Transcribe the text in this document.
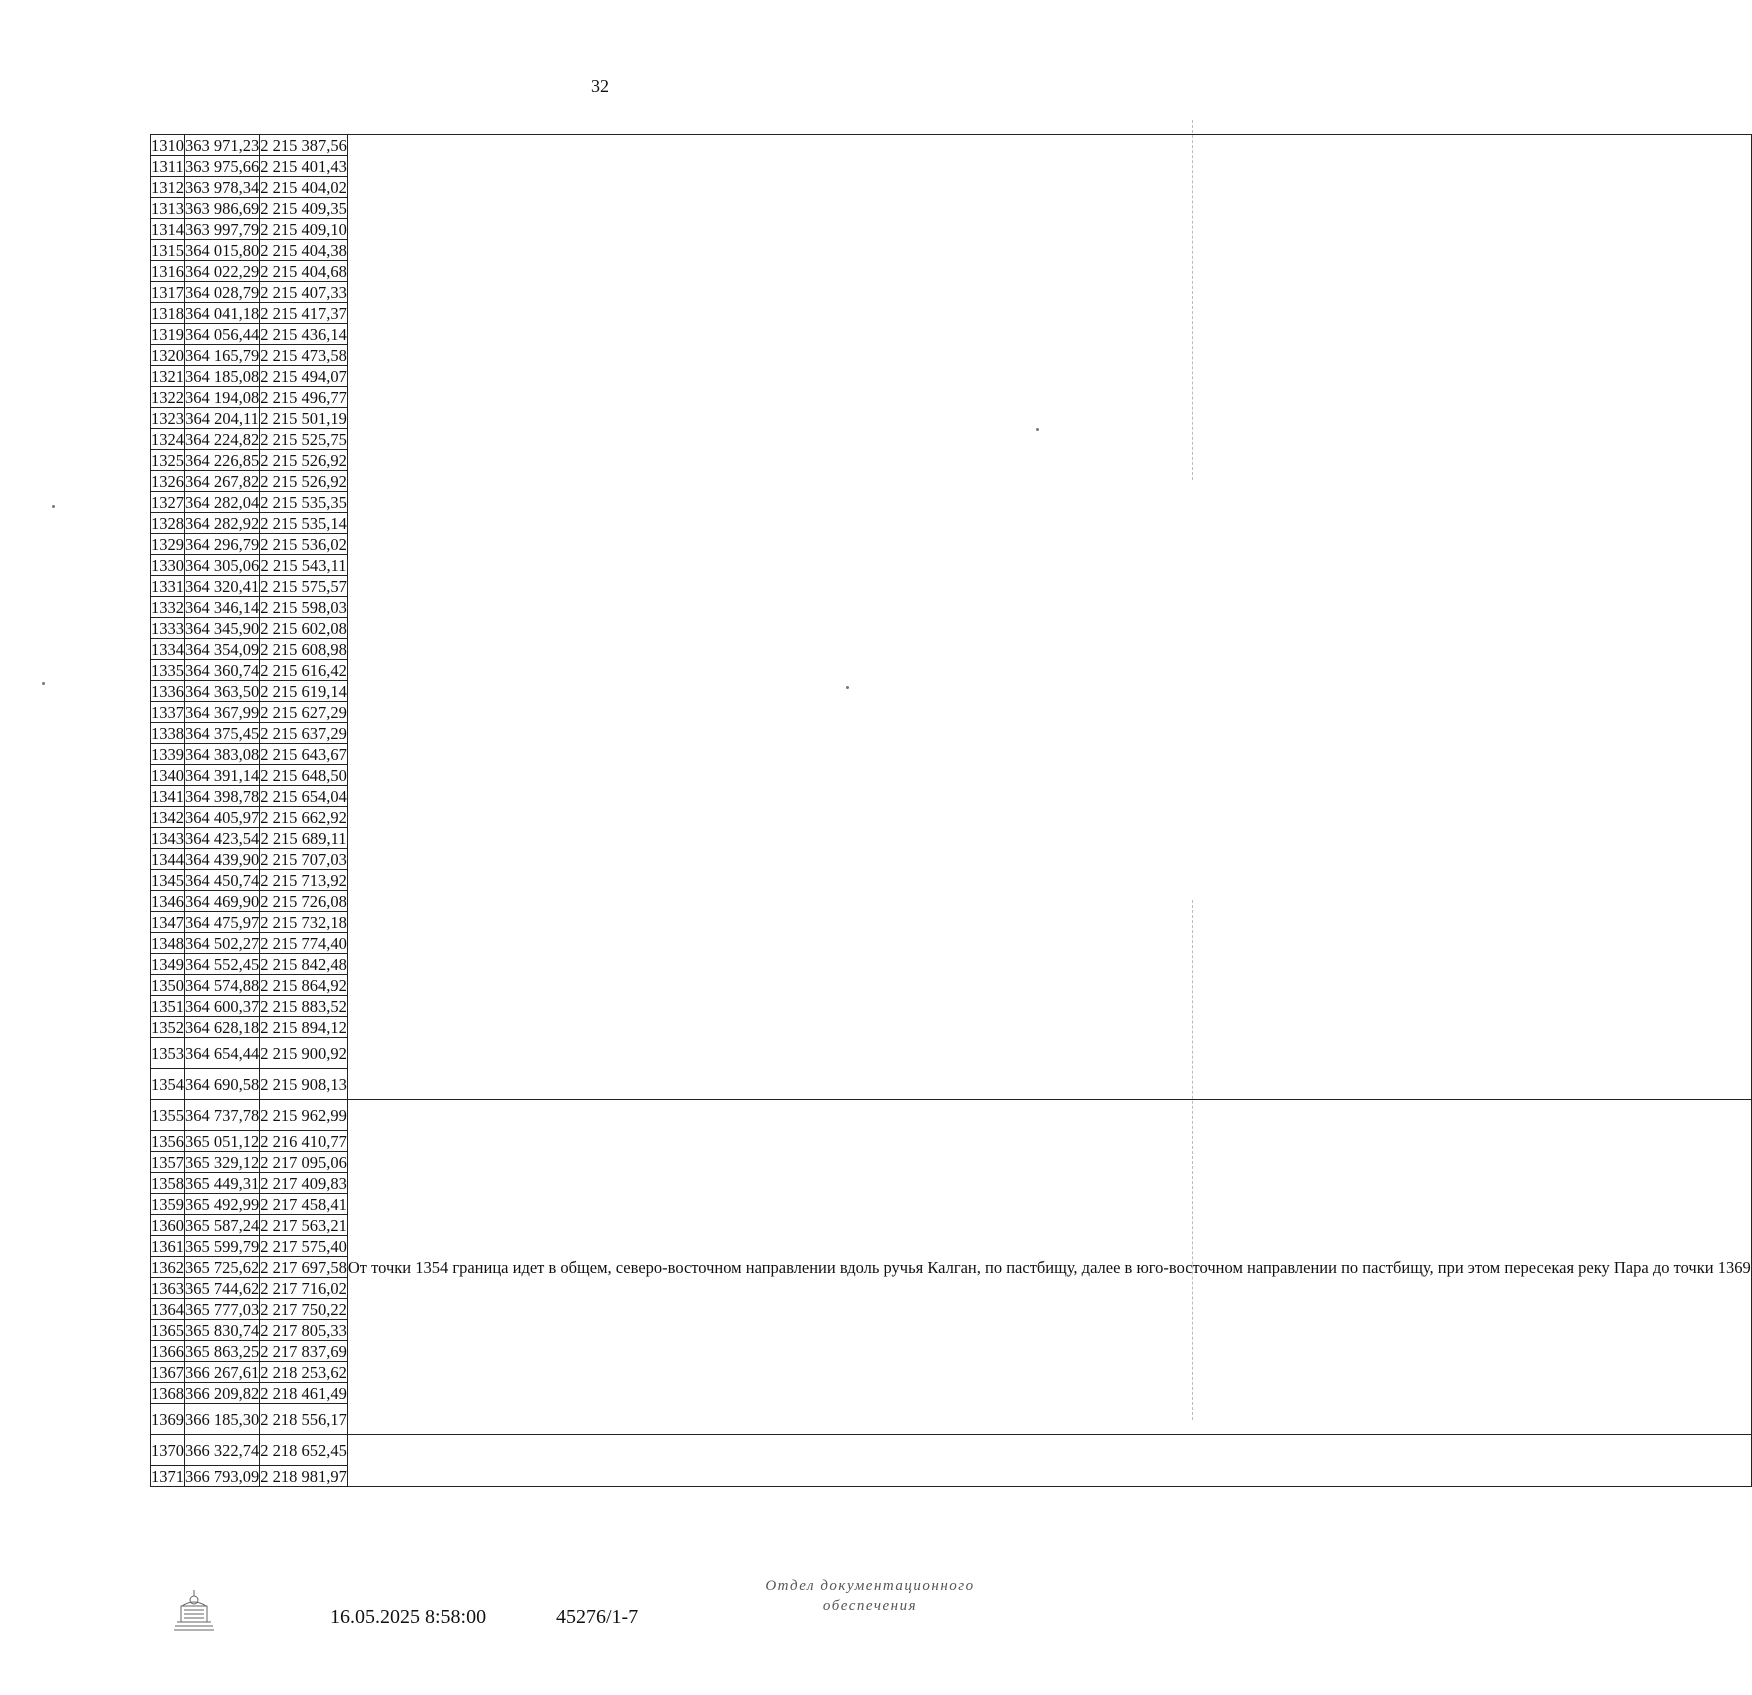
32
1310	363 971,23	2 215 387,56	
1311	363 975,66	2 215 401,43	
1312	363 978,34	2 215 404,02	
1313	363 986,69	2 215 409,35	
1314	363 997,79	2 215 409,10	
1315	364 015,80	2 215 404,38	
1316	364 022,29	2 215 404,68	
1317	364 028,79	2 215 407,33	
1318	364 041,18	2 215 417,37	
1319	364 056,44	2 215 436,14	
1320	364 165,79	2 215 473,58	
1321	364 185,08	2 215 494,07	
1322	364 194,08	2 215 496,77	
1323	364 204,11	2 215 501,19	
1324	364 224,82	2 215 525,75	
1325	364 226,85	2 215 526,92	
1326	364 267,82	2 215 526,92	
1327	364 282,04	2 215 535,35	
1328	364 282,92	2 215 535,14	
1329	364 296,79	2 215 536,02	
1330	364 305,06	2 215 543,11	
1331	364 320,41	2 215 575,57	
1332	364 346,14	2 215 598,03	
1333	364 345,90	2 215 602,08	
1334	364 354,09	2 215 608,98	
1335	364 360,74	2 215 616,42	
1336	364 363,50	2 215 619,14	
1337	364 367,99	2 215 627,29	
1338	364 375,45	2 215 637,29	
1339	364 383,08	2 215 643,67	
1340	364 391,14	2 215 648,50	
1341	364 398,78	2 215 654,04	
1342	364 405,97	2 215 662,92	
1343	364 423,54	2 215 689,11	
1344	364 439,90	2 215 707,03	
1345	364 450,74	2 215 713,92	
1346	364 469,90	2 215 726,08	
1347	364 475,97	2 215 732,18	
1348	364 502,27	2 215 774,40	
1349	364 552,45	2 215 842,48	
1350	364 574,88	2 215 864,92	
1351	364 600,37	2 215 883,52	
1352	364 628,18	2 215 894,12	
1353	364 654,44	2 215 900,92	
1354	364 690,58	2 215 908,13	
1355	364 737,78	2 215 962,99	От точки 1354 граница идет в общем, северо-восточном направлении вдоль ручья Калган, по пастбищу, далее в юго-восточном направлении по пастбищу, при этом пересекая реку Пара до точки 1369
1356	365 051,12	2 216 410,77	
1357	365 329,12	2 217 095,06	
1358	365 449,31	2 217 409,83	
1359	365 492,99	2 217 458,41	
1360	365 587,24	2 217 563,21	
1361	365 599,79	2 217 575,40	
1362	365 725,62	2 217 697,58	
1363	365 744,62	2 217 716,02	
1364	365 777,03	2 217 750,22	
1365	365 830,74	2 217 805,33	
1366	365 863,25	2 217 837,69	
1367	366 267,61	2 218 253,62	
1368	366 209,82	2 218 461,49	
1369	366 185,30	2 218 556,17	
1370	366 322,74	2 218 652,45	
1371	366 793,09	2 218 981,97	
16.05.2025 8:58:00	45276/1-7
Отдел документационного
обеспечения
